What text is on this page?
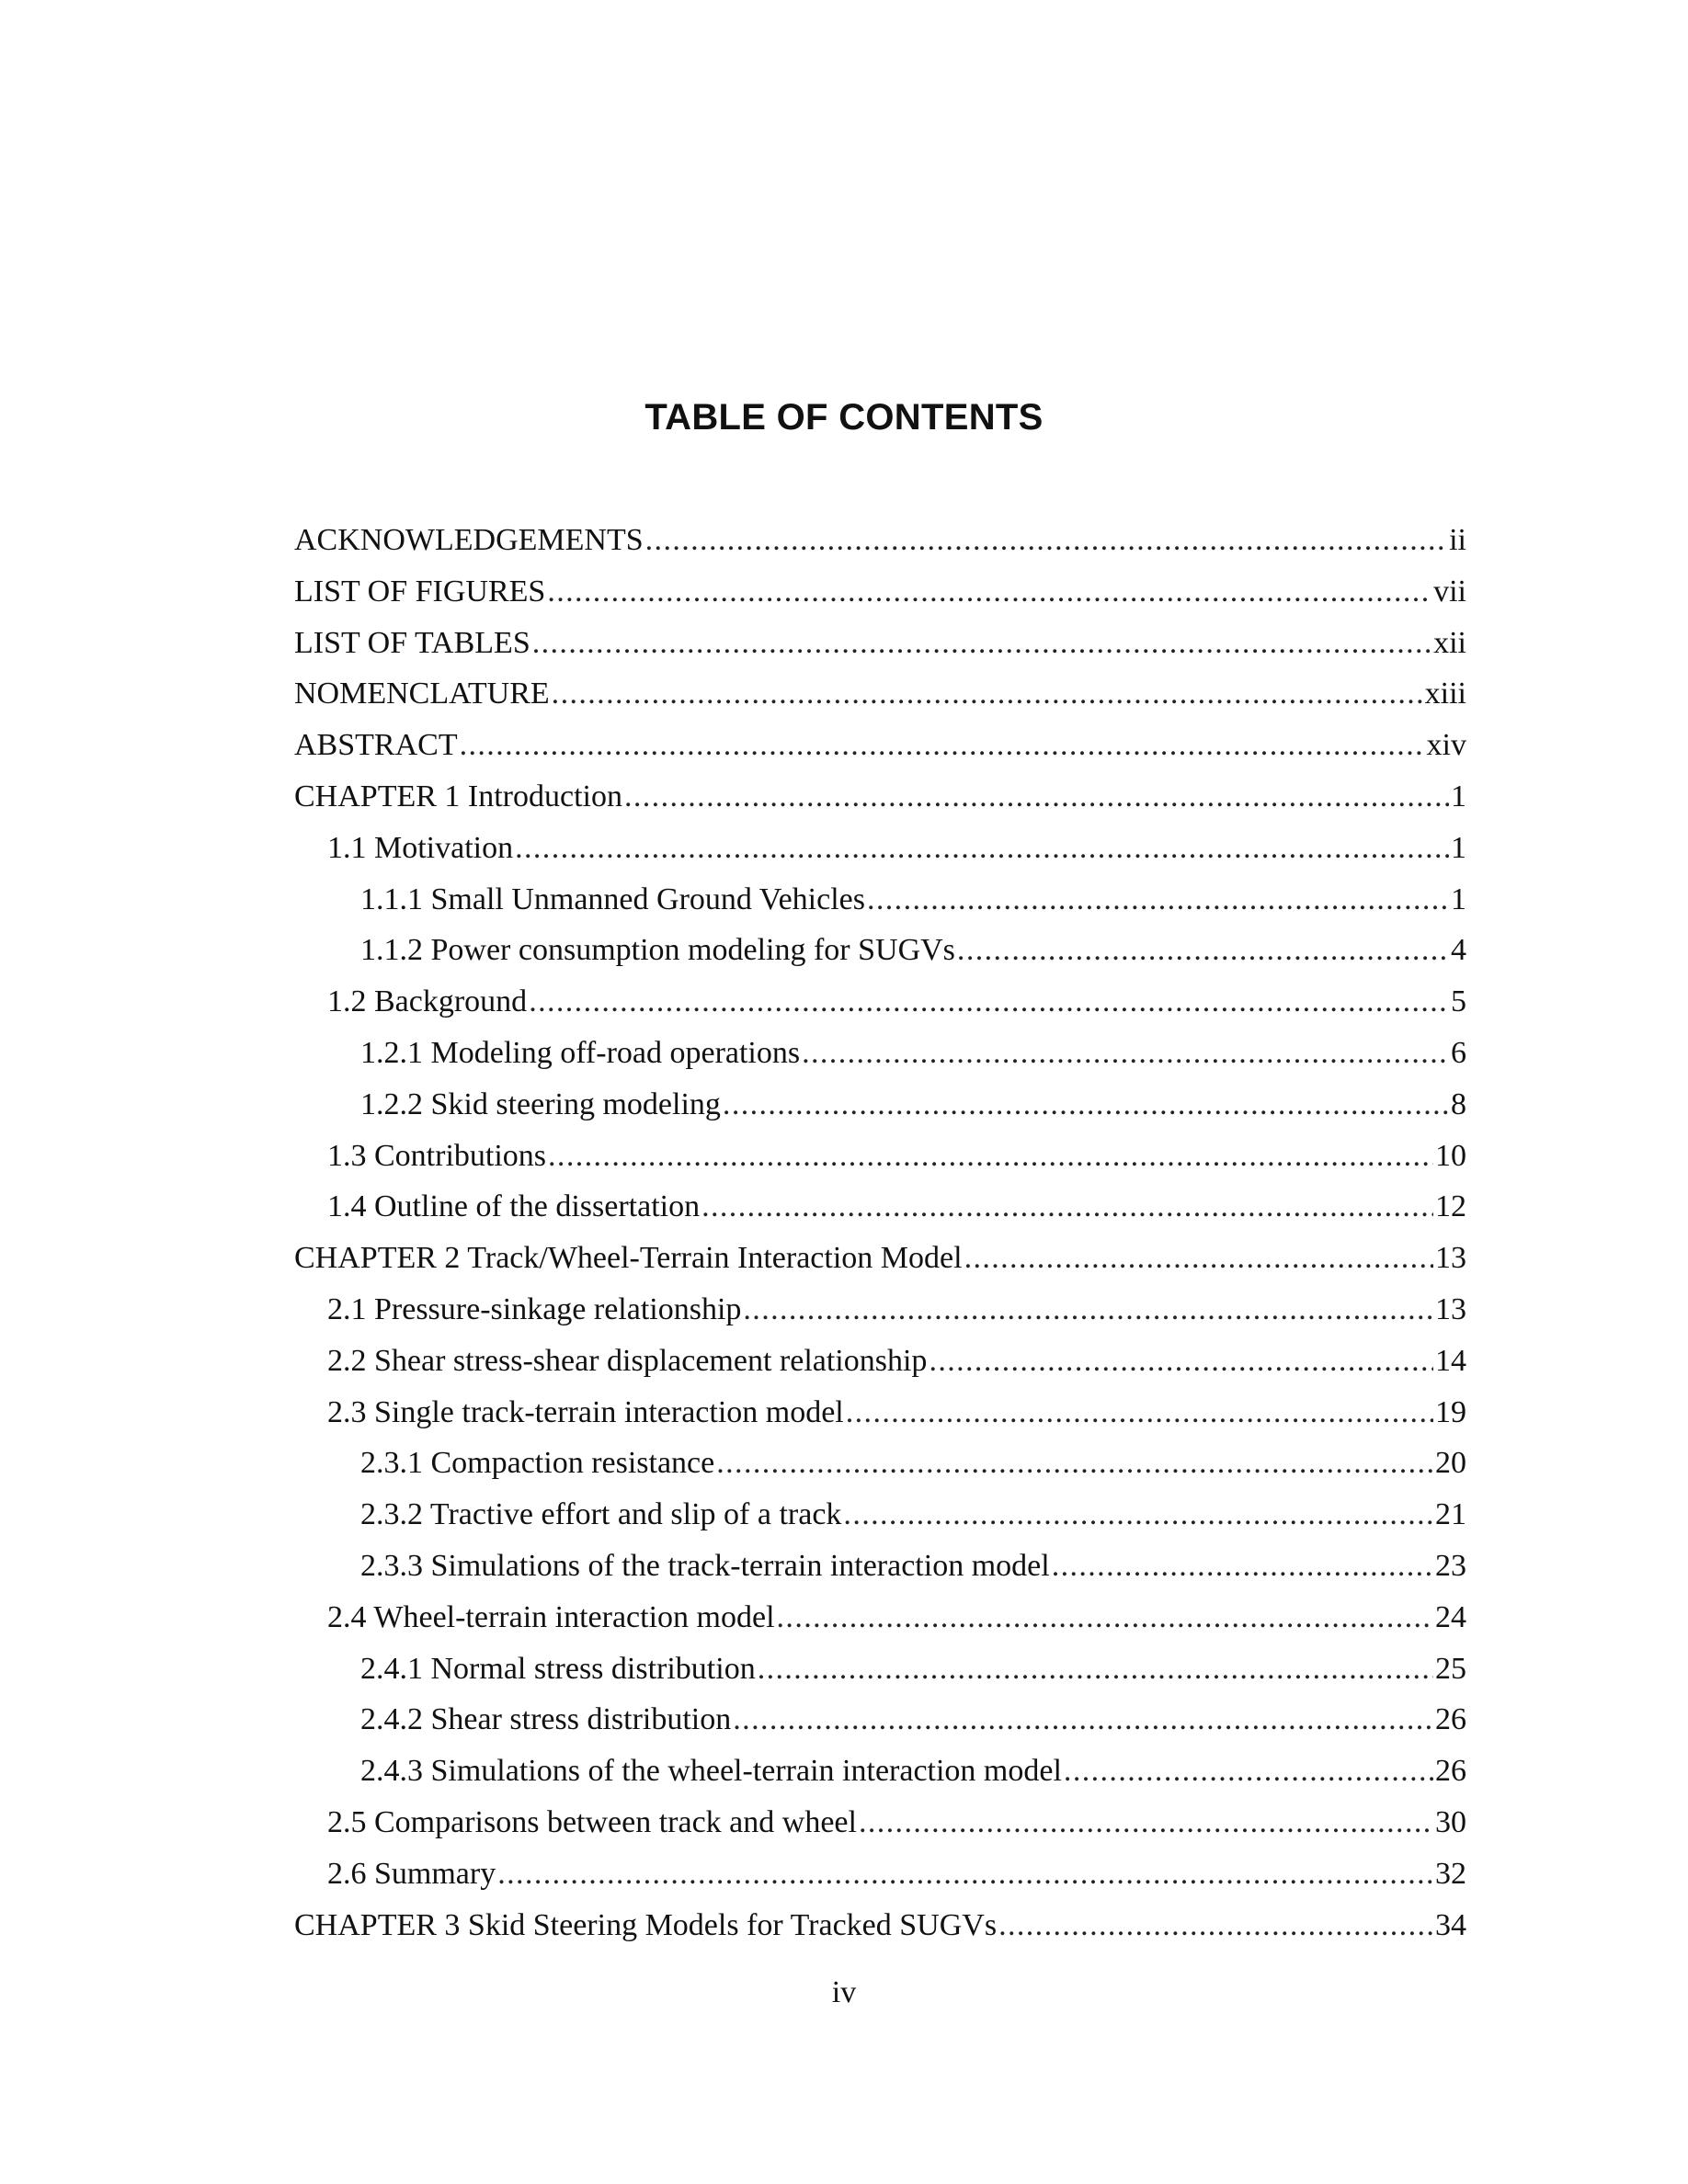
TABLE OF CONTENTS
ACKNOWLEDGEMENTS .....	ii
LIST OF FIGURES .....	vii
LIST OF TABLES .....	xii
NOMENCLATURE .....	xiii
ABSTRACT .....	xiv
CHAPTER 1 Introduction .....	1
1.1 Motivation .....	1
1.1.1 Small Unmanned Ground Vehicles .....	1
1.1.2 Power consumption modeling for SUGVs .....	4
1.2 Background .....	5
1.2.1 Modeling off-road operations .....	6
1.2.2 Skid steering modeling .....	8
1.3 Contributions .....	10
1.4 Outline of the dissertation .....	12
CHAPTER 2 Track/Wheel-Terrain Interaction Model .....	13
2.1 Pressure-sinkage relationship .....	13
2.2 Shear stress-shear displacement relationship .....	14
2.3 Single track-terrain interaction model .....	19
2.3.1 Compaction resistance .....	20
2.3.2 Tractive effort and slip of a track .....	21
2.3.3 Simulations of the track-terrain interaction model .....	23
2.4 Wheel-terrain interaction model .....	24
2.4.1 Normal stress distribution .....	25
2.4.2 Shear stress distribution .....	26
2.4.3 Simulations of the wheel-terrain interaction model .....	26
2.5 Comparisons between track and wheel .....	30
2.6 Summary .....	32
CHAPTER 3 Skid Steering Models for Tracked SUGVs .....	34
iv
